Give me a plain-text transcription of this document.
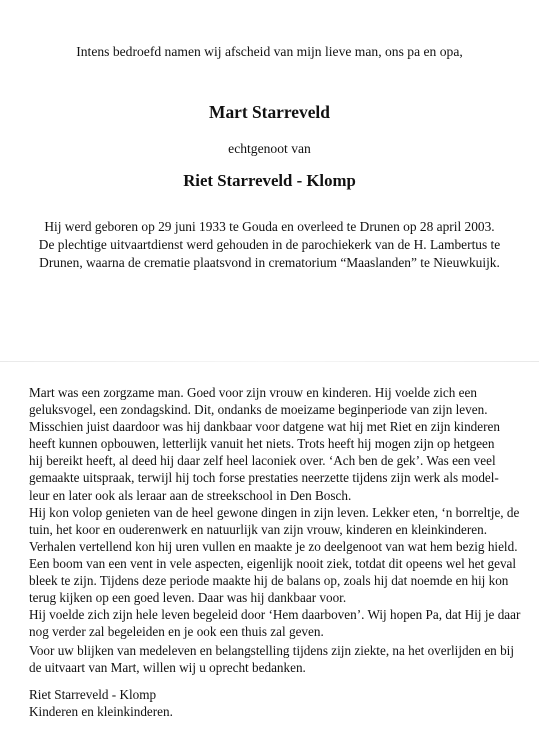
Intens bedroefd namen wij afscheid van mijn lieve man, ons pa en opa,
Mart Starreveld
echtgenoot van
Riet Starreveld - Klomp
Hij werd geboren op 29 juni 1933 te Gouda en overleed te Drunen op 28 april 2003.
De plechtige uitvaartdienst werd gehouden in de parochiekerk van de H. Lambertus te
Drunen, waarna de crematie plaatsvond in crematorium “Maaslanden” te Nieuwkuijk.
Mart was een zorgzame man. Goed voor zijn vrouw en kinderen. Hij voelde zich een
geluksvogel, een zondagskind. Dit, ondanks de moeizame beginperiode van zijn leven.
Misschien juist daardoor was hij dankbaar voor datgene wat hij met Riet en zijn kinderen
heeft kunnen opbouwen, letterlijk vanuit het niets. Trots heeft hij mogen zijn op hetgeen
hij bereikt heeft, al deed hij daar zelf heel laconiek over. ‘Ach ben de gek’. Was een veel
gemaakte uitspraak, terwijl hij toch forse prestaties neerzette tijdens zijn werk als model-
leur en later ook als leraar aan de streekschool in Den Bosch.
Hij kon volop genieten van de heel gewone dingen in zijn leven. Lekker eten, ‘n borreltje, de
tuin, het koor en ouderenwerk en natuurlijk van zijn vrouw, kinderen en kleinkinderen.
Verhalen vertellend kon hij uren vullen en maakte je zo deelgenoot van wat hem bezig hield.
Een boom van een vent in vele aspecten, eigenlijk nooit ziek, totdat dit opeens wel het geval
bleek te zijn. Tijdens deze periode maakte hij de balans op, zoals hij dat noemde en hij kon
terug kijken op een goed leven. Daar was hij dankbaar voor.
Hij voelde zich zijn hele leven begeleid door ‘Hem daarboven’. Wij hopen Pa, dat Hij je daar
nog verder zal begeleiden en je ook een thuis zal geven.
Voor uw blijken van medeleven en belangstelling tijdens zijn ziekte, na het overlijden en bij
de uitvaart van Mart, willen wij u oprecht bedanken.
Riet Starreveld - Klomp
Kinderen en kleinkinderen.
